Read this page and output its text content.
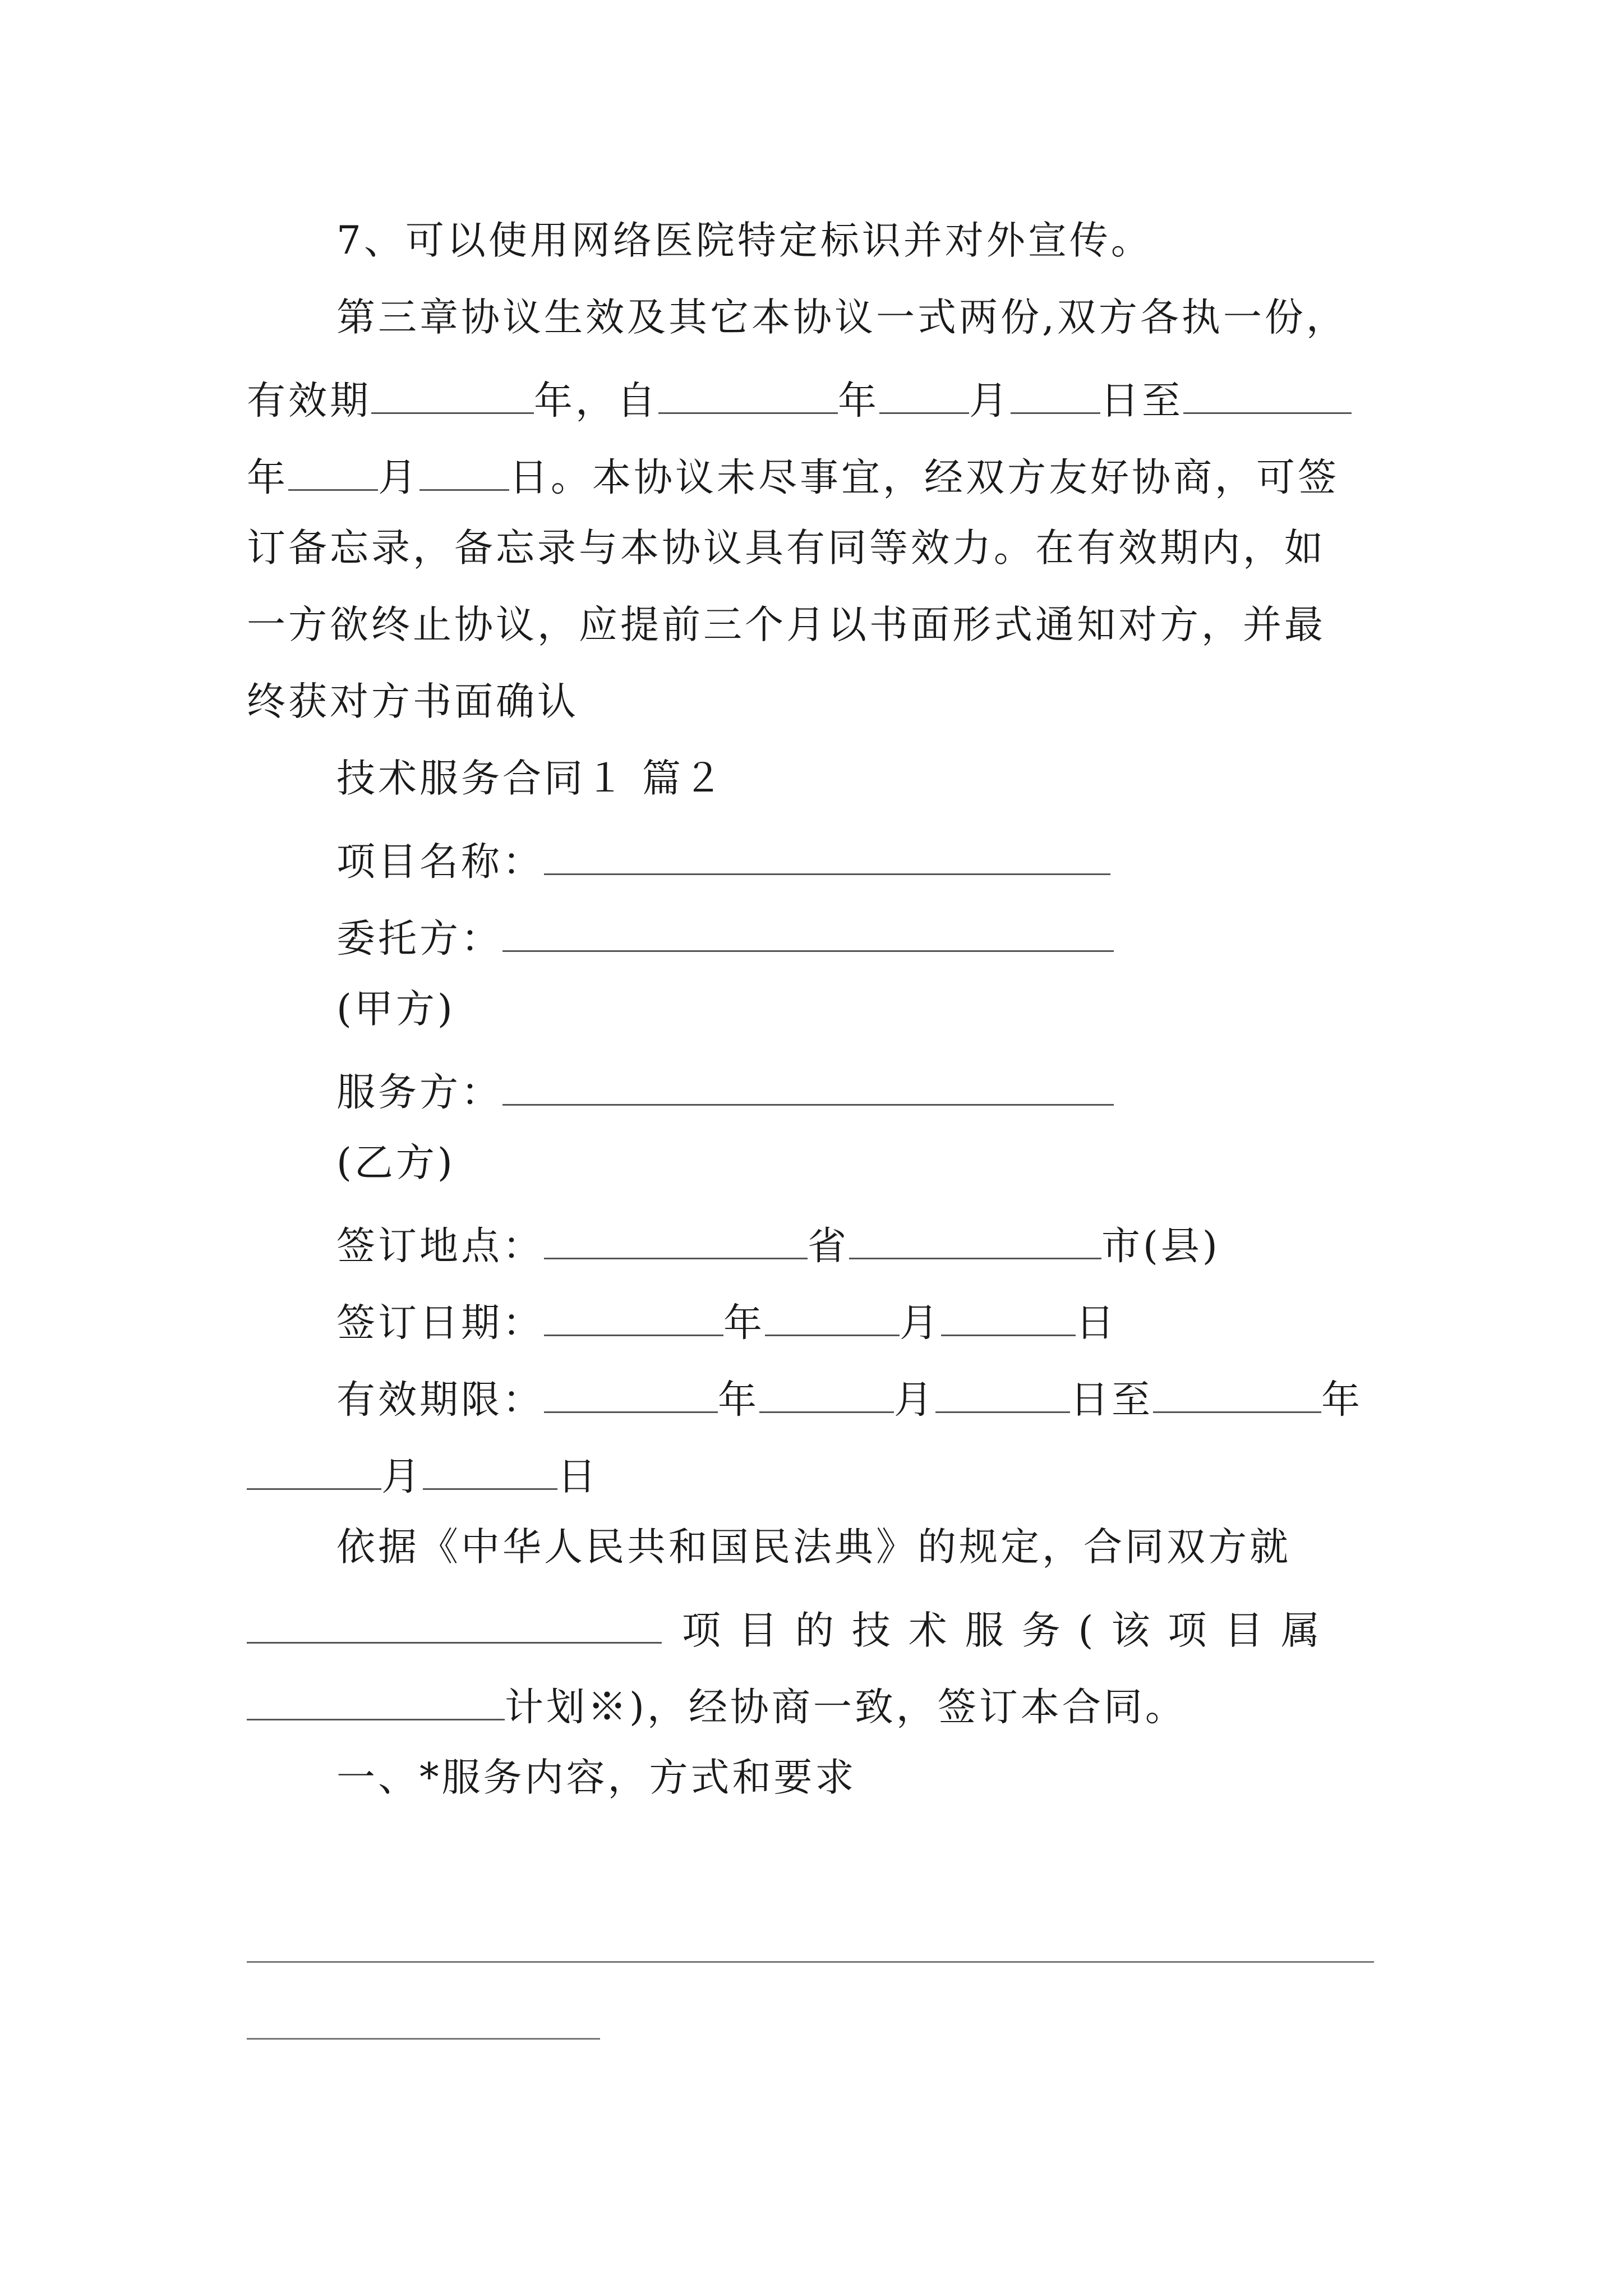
7、可以使用网络医院特定标识并对外宣传。
第三章协议生效及其它本协议一式两份,双方各执一份，
有效期	年，自	年 月 日至
年 月 日。本协议未尽事宜，经双方友好协商，可签
订备忘录，备忘录与本协议具有同等效力。在有效期内，如
一方欲终止协议，应提前三个月以书面形式通知对方，并最
终获对方书面确认
技术服务合同１ 篇２
项目名称：
委托方：
(甲方)
服务方：
(乙方)
签订地点：	省	市(县)
签订日期：	年	月	日
有效期限：	年	月	日至	年
月	日
依据《中华人民共和国民法典》的规定，合同双方就
项 目 的 技 术 服 务 ( 该 项 目 属
计划※)，经协商一致，签订本合同。
一、*服务内容，方式和要求
